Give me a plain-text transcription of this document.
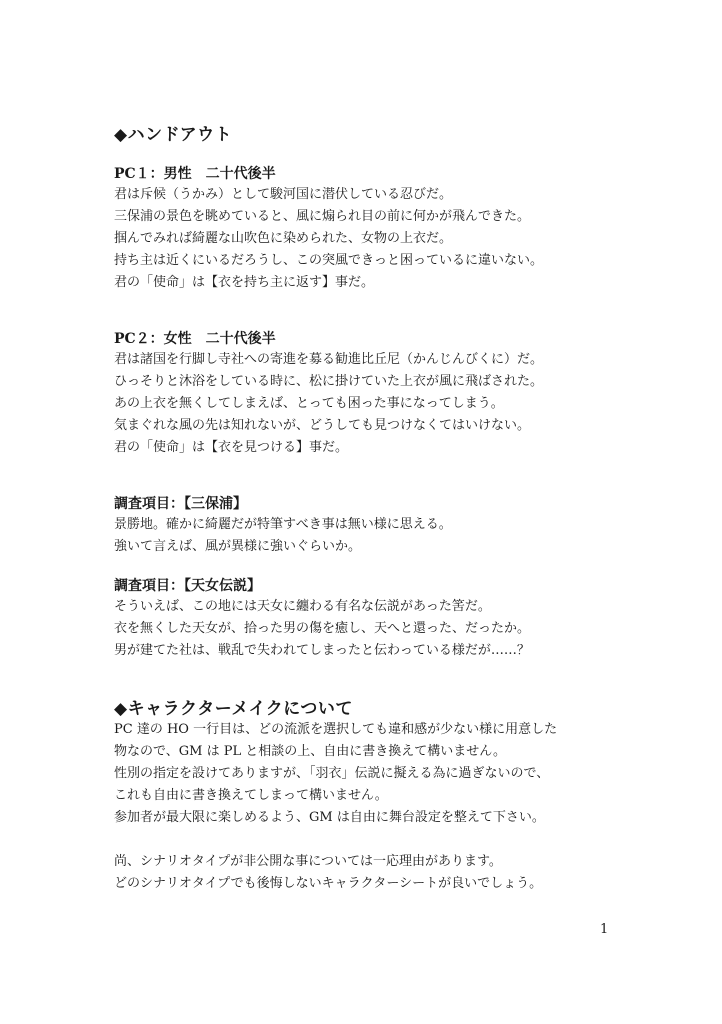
◆ハンドアウト
PC１：男性　二十代後半
君は斥候（うかみ）として駿河国に潜伏している忍びだ。
三保浦の景色を眺めていると、風に煽られ目の前に何かが飛んできた。
掴んでみれば綺麗な山吹色に染められた、女物の上衣だ。
持ち主は近くにいるだろうし、この突風できっと困っているに違いない。
君の「使命」は【衣を持ち主に返す】事だ。
PC２：女性　二十代後半
君は諸国を行脚し寺社への寄進を募る勧進比丘尼（かんじんびくに）だ。
ひっそりと沐浴をしている時に、松に掛けていた上衣が風に飛ばされた。
あの上衣を無くしてしまえば、とっても困った事になってしまう。
気まぐれな風の先は知れないが、どうしても見つけなくてはいけない。
君の「使命」は【衣を見つける】事だ。
調査項目：【三保浦】
景勝地。確かに綺麗だが特筆すべき事は無い様に思える。
強いて言えば、風が異様に強いぐらいか。
調査項目：【天女伝説】
そういえば、この地には天女に纏わる有名な伝説があった筈だ。
衣を無くした天女が、拾った男の傷を癒し、天へと還った、だったか。
男が建てた社は、戦乱で失われてしまったと伝わっている様だが……？
◆キャラクターメイクについて
PC 達の HO 一行目は、どの流派を選択しても違和感が少ない様に用意した
物なので、GM は PL と相談の上、自由に書き換えて構いません。
性別の指定を設けてありますが、「羽衣」伝説に擬える為に過ぎないので、
これも自由に書き換えてしまって構いません。
参加者が最大限に楽しめるよう、GM は自由に舞台設定を整えて下さい。
尚、シナリオタイプが非公開な事については一応理由があります。
どのシナリオタイプでも後悔しないキャラクターシートが良いでしょう。
1
